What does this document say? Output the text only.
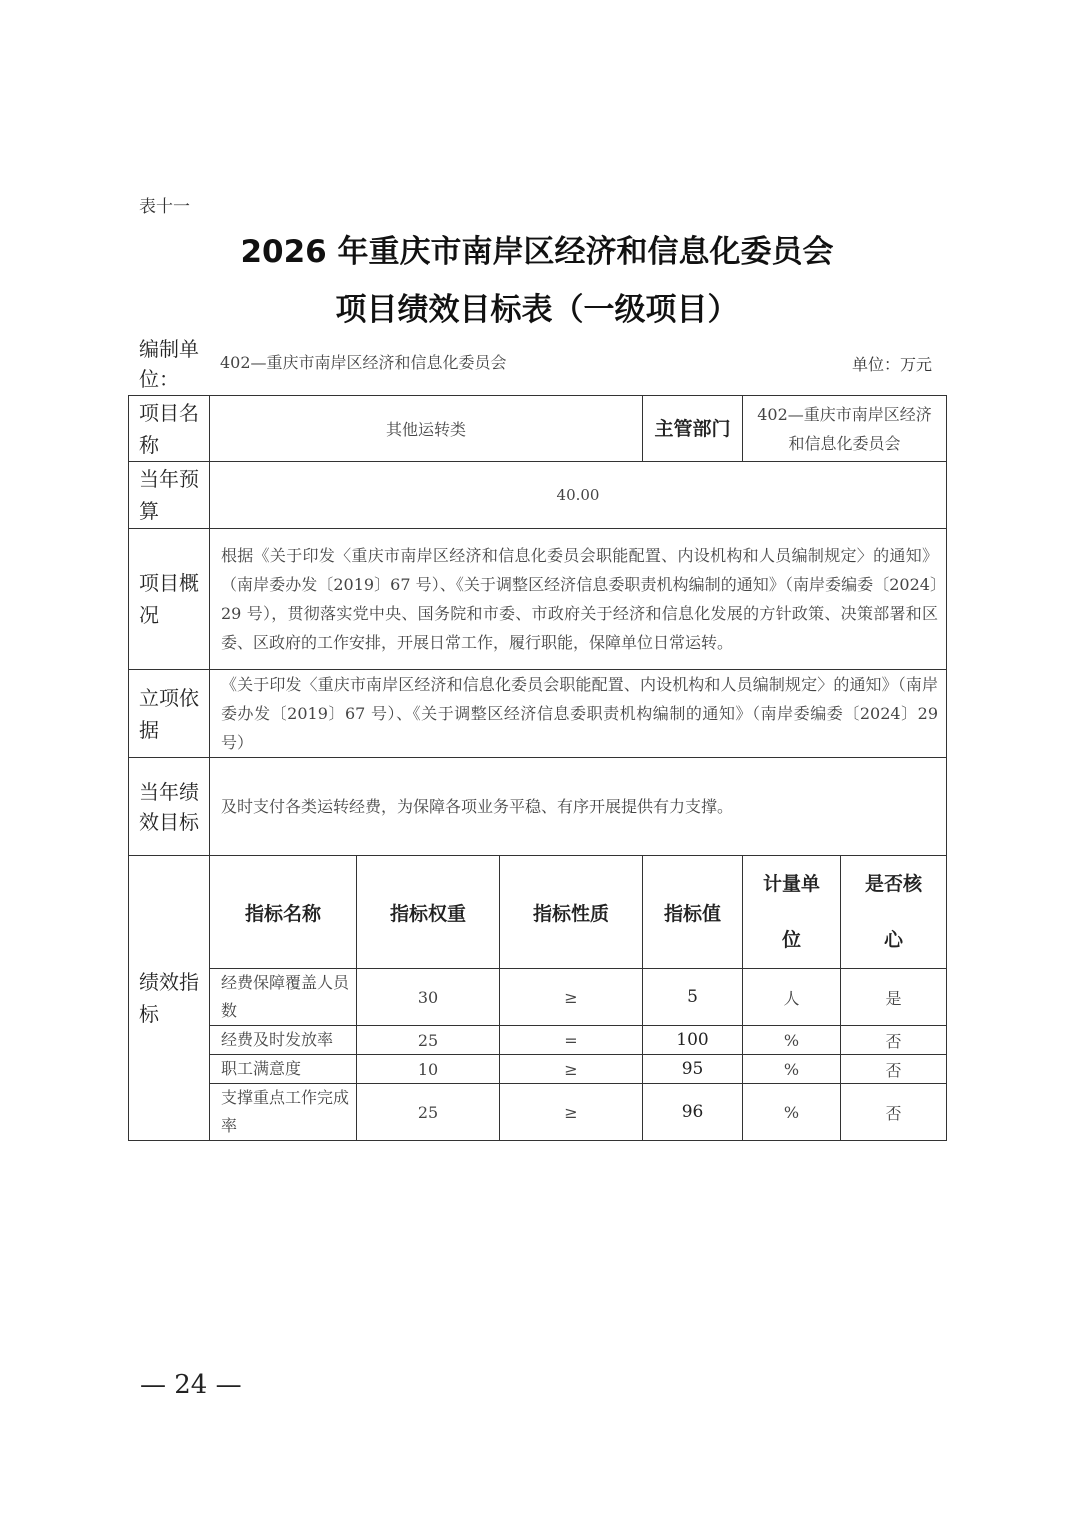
表十一
2026 年重庆市南岸区经济和信息化委员会
项目绩效目标表（一级项目）
编制单位：
402—重庆市南岸区经济和信息化委员会	单位：万元
项目名称	其他运转类			主管部门	402—重庆市南岸区经济和信息化委员会	
当年预算	40.00					
项目概况	根据《关于印发〈重庆市南岸区经济和信息化委员会职能配置、内设机构和人员编制规定〉的通知》（南岸委办发〔2019〕67 号）、《关于调整区经济信息委职责机构编制的通知》（南岸委编委〔2024〕29 号），贯彻落实党中央、国务院和市委、市政府关于经济和信息化发展的方针政策、决策部署和区委、区政府的工作安排，开展日常工作，履行职能，保障单位日常运转。					
立项依据	《关于印发〈重庆市南岸区经济和信息化委员会职能配置、内设机构和人员编制规定〉的通知》（南岸委办发〔2019〕67 号）、《关于调整区经济信息委职责机构编制的通知》（南岸委编委〔2024〕29 号）					
当年绩效目标	及时支付各类运转经费，为保障各项业务平稳、有序开展提供有力支撑。					
绩效指标	指标名称	指标权重	指标性质	指标值	计量单位	是否核心
	经费保障覆盖人员数	30	≥	5	人	是
	经费及时发放率	25	=	100	%	否
	职工满意度	10	≥	95	%	否
	支撑重点工作完成率	25	≥	96	%	否
— 24 —
